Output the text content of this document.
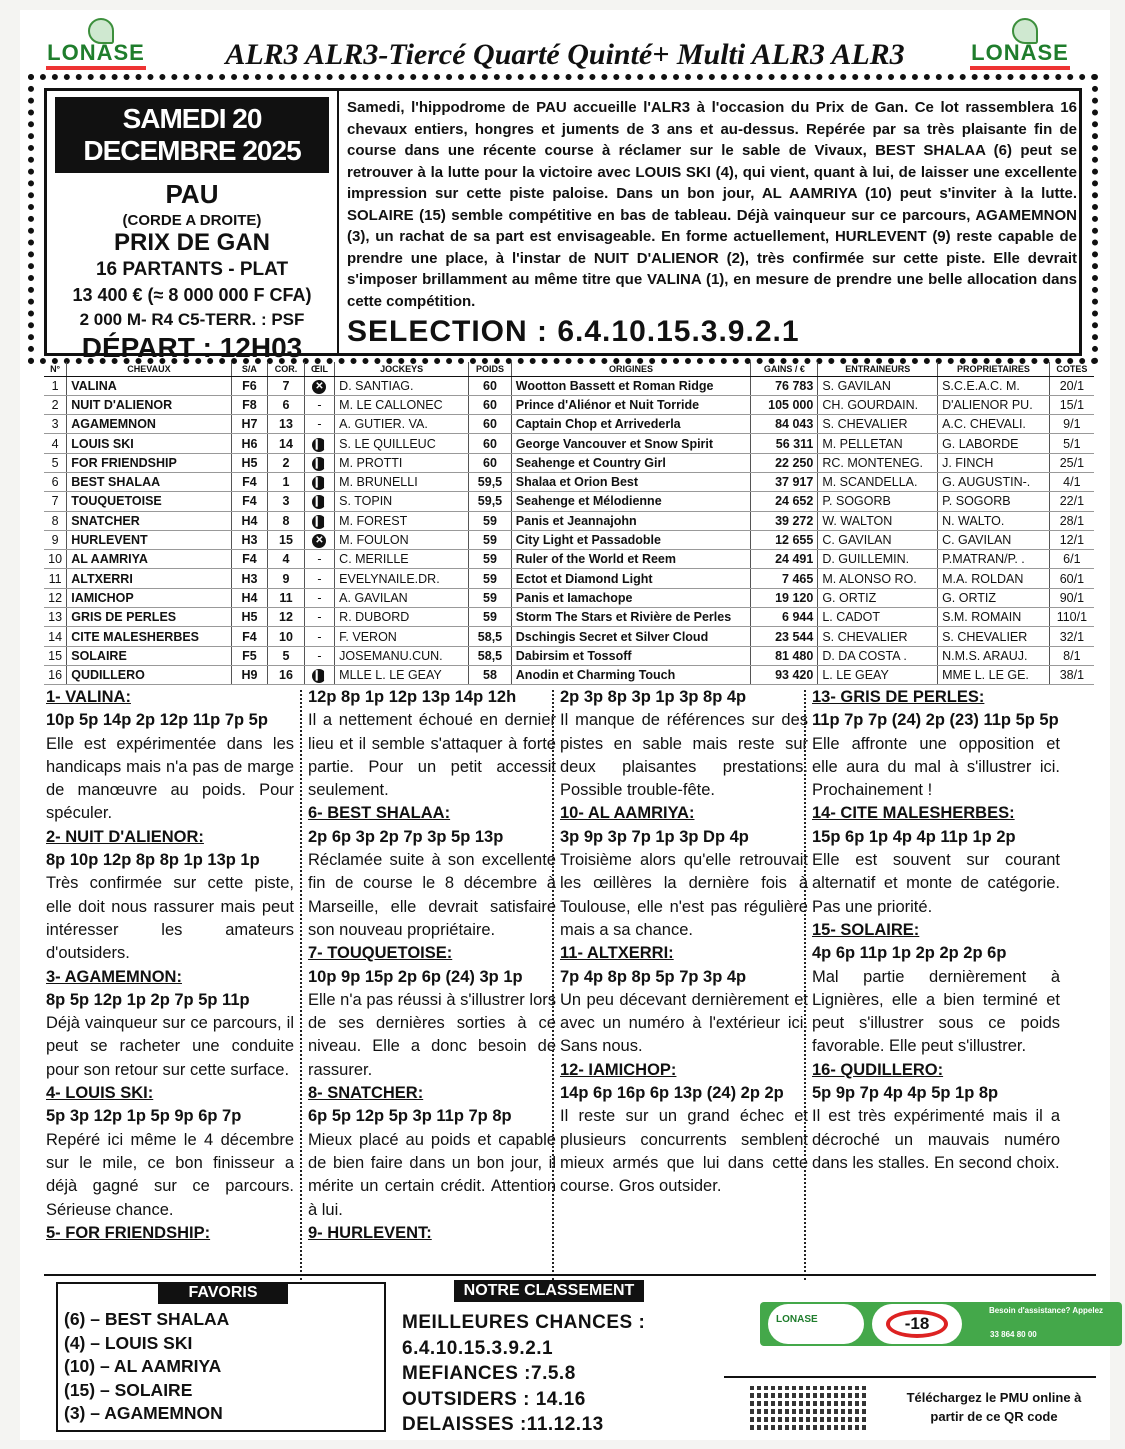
LONASE	ALR3 ALR3-Tiercé Quarté Quinté+ Multi ALR3 ALR3	LONASE
SAMEDI 20 DECEMBRE 2025
PAU
(CORDE A DROITE)
PRIX DE GAN
16 PARTANTS - PLAT
13 400 € (≈ 8 000 000 F CFA)
2 000 M- R4 C5-TERR. : PSF
DÉPART : 12H03
Samedi, l'hippodrome de PAU accueille l'ALR3 à l'occasion du Prix de Gan. Ce lot rassemblera 16 chevaux entiers, hongres et juments de 3 ans et au-dessus. Repérée par sa très plaisante fin de course dans une récente course à réclamer sur le sable de Vivaux, BEST SHALAA (6) peut se retrouver à la lutte pour la victoire avec LOUIS SKI (4), qui vient, quant à lui, de laisser une excellente impression sur cette piste paloise. Dans un bon jour, AL AAMRIYA (10) peut s'inviter à la lutte. SOLAIRE (15) semble compétitive en bas de tableau. Déjà vainqueur sur ce parcours, AGAMEMNON (3), un rachat de sa part est envisageable. En forme actuellement, HURLEVENT (9) reste capable de prendre une place, à l'instar de NUIT D'ALIENOR (2), très confirmée sur cette piste. Elle devrait s'imposer brillamment au même titre que VALINA (1), en mesure de prendre une belle allocation dans cette compétition.
SELECTION : 6.4.10.15.3.9.2.1
N°	CHEVAUX	S/A	COR.	ŒIL	JOCKEYS	POIDS	ORIGINES	GAINS / €	ENTRAINEURS	PROPRIETAIRES	COTES
1	VALINA	F6	7	✕	D. SANTIAG.	60	Wootton Bassett et Roman Ridge	76 783	S. GAVILAN	S.C.E.A.C. M.	20/1
2	NUIT D'ALIENOR	F8	6	-	M. LE CALLONEC	60	Prince d'Aliénor et Nuit Torride	105 000	CH. GOURDAIN.	D'ALIENOR PU.	15/1
3	AGAMEMNON	H7	13	-	A. GUTIER. VA.	60	Captain Chop et Arrivederla	84 043	S. CHEVALIER	A.C. CHEVALI.	9/1
4	LOUIS SKI	H6	14	❙❙	S. LE QUILLEUC	60	George Vancouver et Snow Spirit	56 311	M. PELLETAN	G. LABORDE	5/1
5	FOR FRIENDSHIP	H5	2	❙❙	M. PROTTI	60	Seahenge et Country Girl	22 250	RC. MONTENEG.	J. FINCH	25/1
6	BEST SHALAA	F4	1	❙❙	M. BRUNELLI	59,5	Shalaa et Orion Best	37 917	M. SCANDELLA.	G. AUGUSTIN-.	4/1
7	TOUQUETOISE	F4	3	❙❙	S. TOPIN	59,5	Seahenge et Mélodienne	24 652	P. SOGORB	P. SOGORB	22/1
8	SNATCHER	H4	8	❙❙	M. FOREST	59	Panis et Jeannajohn	39 272	W. WALTON	N. WALTO.	28/1
9	HURLEVENT	H3	15	✕	M. FOULON	59	City Light et Passadoble	12 655	C. GAVILAN	C. GAVILAN	12/1
10	AL AAMRIYA	F4	4	-	C. MERILLE	59	Ruler of the World et Reem	24 491	D. GUILLEMIN.	P.MATRAN/P. .	6/1
11	ALTXERRI	H3	9	-	EVELYNAILE.DR.	59	Ectot et Diamond Light	7 465	M. ALONSO RO.	M.A. ROLDAN	60/1
12	IAMICHOP	H4	11	-	A. GAVILAN	59	Panis et Iamachope	19 120	G. ORTIZ	G. ORTIZ	90/1
13	GRIS DE PERLES	H5	12	-	R. DUBORD	59	Storm The Stars et Rivière de Perles	6 944	L. CADOT	S.M. ROMAIN	110/1
14	CITE MALESHERBES	F4	10	-	F. VERON	58,5	Dschingis Secret et Silver Cloud	23 544	S. CHEVALIER	S. CHEVALIER	32/1
15	SOLAIRE	F5	5	-	JOSEMANU.CUN.	58,5	Dabirsim et Tossoff	81 480	D. DA COSTA .	N.M.S. ARAUJ.	8/1
16	QUDILLERO	H9	16	❙❙	MLLE L. LE GEAY	58	Anodin et Charming Touch	93 420	L. LE GEAY	MME L. LE GE.	38/1
1- VALINA:
10p 5p 14p 2p 12p 11p 7p 5p
Elle est expérimentée dans les handicaps mais n'a pas de marge de manœuvre au poids. Pour spéculer.
2- NUIT D'ALIENOR:
8p 10p 12p 8p 8p 1p 13p 1p
Très confirmée sur cette piste, elle doit nous rassurer mais peut intéresser les amateurs d'outsiders.
3- AGAMEMNON:
8p 5p 12p 1p 2p 7p 5p 11p
Déjà vainqueur sur ce parcours, il peut se racheter une conduite pour son retour sur cette surface.
4- LOUIS SKI:
5p 3p 12p 1p 5p 9p 6p 7p
Repéré ici même le 4 décembre sur le mile, ce bon finisseur a déjà gagné sur ce parcours. Sérieuse chance.
5- FOR FRIENDSHIP:
12p 8p 1p 12p 13p 14p 12h
Il a nettement échoué en dernier lieu et il semble s'attaquer à forte partie. Pour un petit accessit seulement.
6- BEST SHALAA:
2p 6p 3p 2p 7p 3p 5p 13p
Réclamée suite à son excellente fin de course le 8 décembre à Marseille, elle devrait satisfaire son nouveau propriétaire.
7- TOUQUETOISE:
10p 9p 15p 2p 6p (24) 3p 1p
Elle n'a pas réussi à s'illustrer lors de ses dernières sorties à ce niveau. Elle a donc besoin de rassurer.
8- SNATCHER:
6p 5p 12p 5p 3p 11p 7p 8p
Mieux placé au poids et capable de bien faire dans un bon jour, il mérite un certain crédit. Attention à lui.
9- HURLEVENT:
2p 3p 8p 3p 1p 3p 8p 4p
Il manque de références sur des pistes en sable mais reste sur deux plaisantes prestations. Possible trouble-fête.
10- AL AAMRIYA:
3p 9p 3p 7p 1p 3p Dp 4p
Troisième alors qu'elle retrouvait les œillères la dernière fois à Toulouse, elle n'est pas régulière mais a sa chance.
11- ALTXERRI:
7p 4p 8p 8p 5p 7p 3p 4p
Un peu décevant dernièrement et avec un numéro à l'extérieur ici. Sans nous.
12- IAMICHOP:
14p 6p 16p 6p 13p (24) 2p 2p
Il reste sur un grand échec et plusieurs concurrents semblent mieux armés que lui dans cette course. Gros outsider.
13- GRIS DE PERLES:
11p 7p 7p (24) 2p (23) 11p 5p 5p
Elle affronte une opposition et elle aura du mal à s'illustrer ici. Prochainement !
14- CITE MALESHERBES:
15p 6p 1p 4p 4p 11p 1p 2p
Elle est souvent sur courant alternatif et monte de catégorie. Pas une priorité.
15- SOLAIRE:
4p 6p 11p 1p 2p 2p 2p 6p
Mal partie dernièrement à Lignières, elle a bien terminé et peut s'illustrer sous ce poids favorable. Elle peut s'illustrer.
16- QUDILLERO:
5p 9p 7p 4p 4p 5p 1p 8p
Il est très expérimenté mais il a décroché un mauvais numéro dans les stalles. En second choix.
FAVORIS
(6) – BEST SHALAA
(4) – LOUIS SKI
(10) – AL AAMRIYA
(15) – SOLAIRE
(3) – AGAMEMNON
NOTRE CLASSEMENT
MEILLEURES CHANCES :
6.4.10.15.3.9.2.1
MEFIANCES :7.5.8
OUTSIDERS : 14.16
DELAISSES :11.12.13
LONASE	-18
Besoin d'assistance? Appelez
33 864 80 00
Téléchargez le PMU online à partir de ce QR code
